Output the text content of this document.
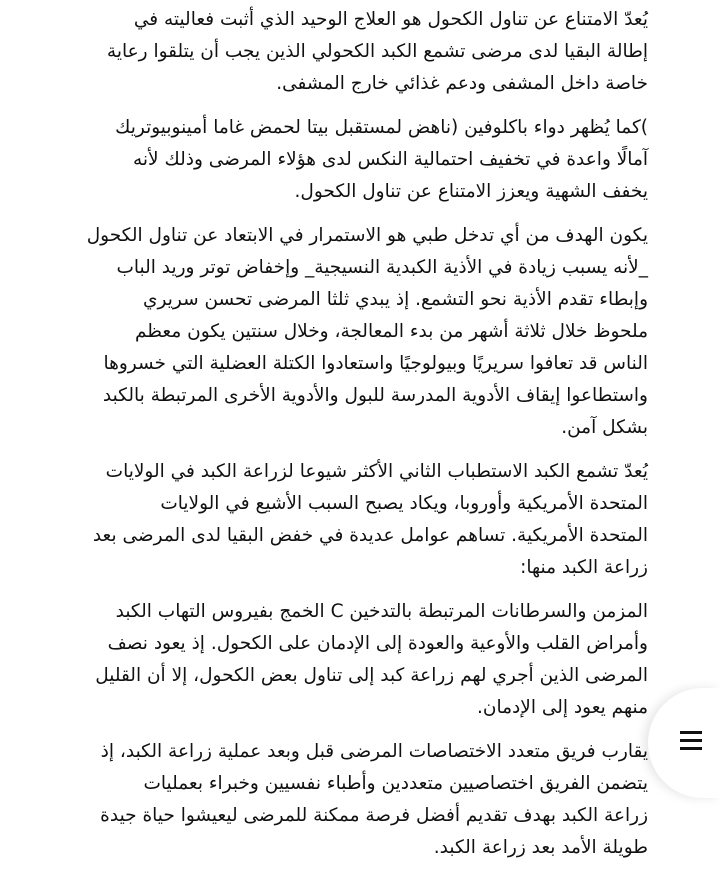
يُعدّ الامتناع عن تناول الكحول هو العلاج الوحيد الذي أثبت فعاليته في
إطالة البقيا لدى مرضى تشمع الكبد الكحولي الذين يجب أن يتلقوا رعاية
خاصة داخل المشفى ودعم غذائي خارج المشفى.
)كما يُظهر دواء باكلوفين (ناهض لمستقبل بيتا لحمض غاما أمينوبيوتريك
آمالًا واعدة في تخفيف احتمالية النكس لدى هؤلاء المرضى وذلك لأنه
يخفف الشهية ويعزز الامتناع عن تناول الكحول.
يكون الهدف من أي تدخل طبي هو الاستمرار في الابتعاد عن تناول الكحول
_لأنه يسبب زيادة في الأذية الكبدية النسيجية_ وإخفاض توتر وريد الباب
وإبطاء تقدم الأذية نحو التشمع. إذ يبدي ثلثا المرضى تحسن سريري
ملحوظ خلال ثلاثة أشهر من بدء المعالجة، وخلال سنتين يكون معظم
الناس قد تعافوا سريريًا وبيولوجيًا واستعادوا الكتلة العضلية التي خسروها
واستطاعوا إيقاف الأدوية المدرسة للبول والأدوية الأخرى المرتبطة بالكبد
بشكل آمن.
يُعدّ تشمع الكبد الاستطباب الثاني الأكثر شيوعا لزراعة الكبد في الولايات
المتحدة الأمريكية وأوروبا، ويكاد يصبح السبب الأشيع في الولايات
المتحدة الأمريكية. تساهم عوامل عديدة في خفض البقيا لدى المرضى بعد
زراعة الكبد منها:
المزمن والسرطانات المرتبطة بالتدخين C الخمج بفيروس التهاب الكبد
وأمراض القلب والأوعية والعودة إلى الإدمان على الكحول. إذ يعود نصف
المرضى الذين أجري لهم زراعة كبد إلى تناول بعض الكحول، إلا أن القليل
منهم يعود إلى الإدمان.
يقارب فريق متعدد الاختصاصات المرضى قبل وبعد عملية زراعة الكبد، إذ
يتضمن الفريق اختصاصيين متعددين وأطباء نفسيين وخبراء بعمليات
زراعة الكبد بهدف تقديم أفضل فرصة ممكنة للمرضى ليعيشوا حياة جيدة
طويلة الأمد بعد زراعة الكبد.
